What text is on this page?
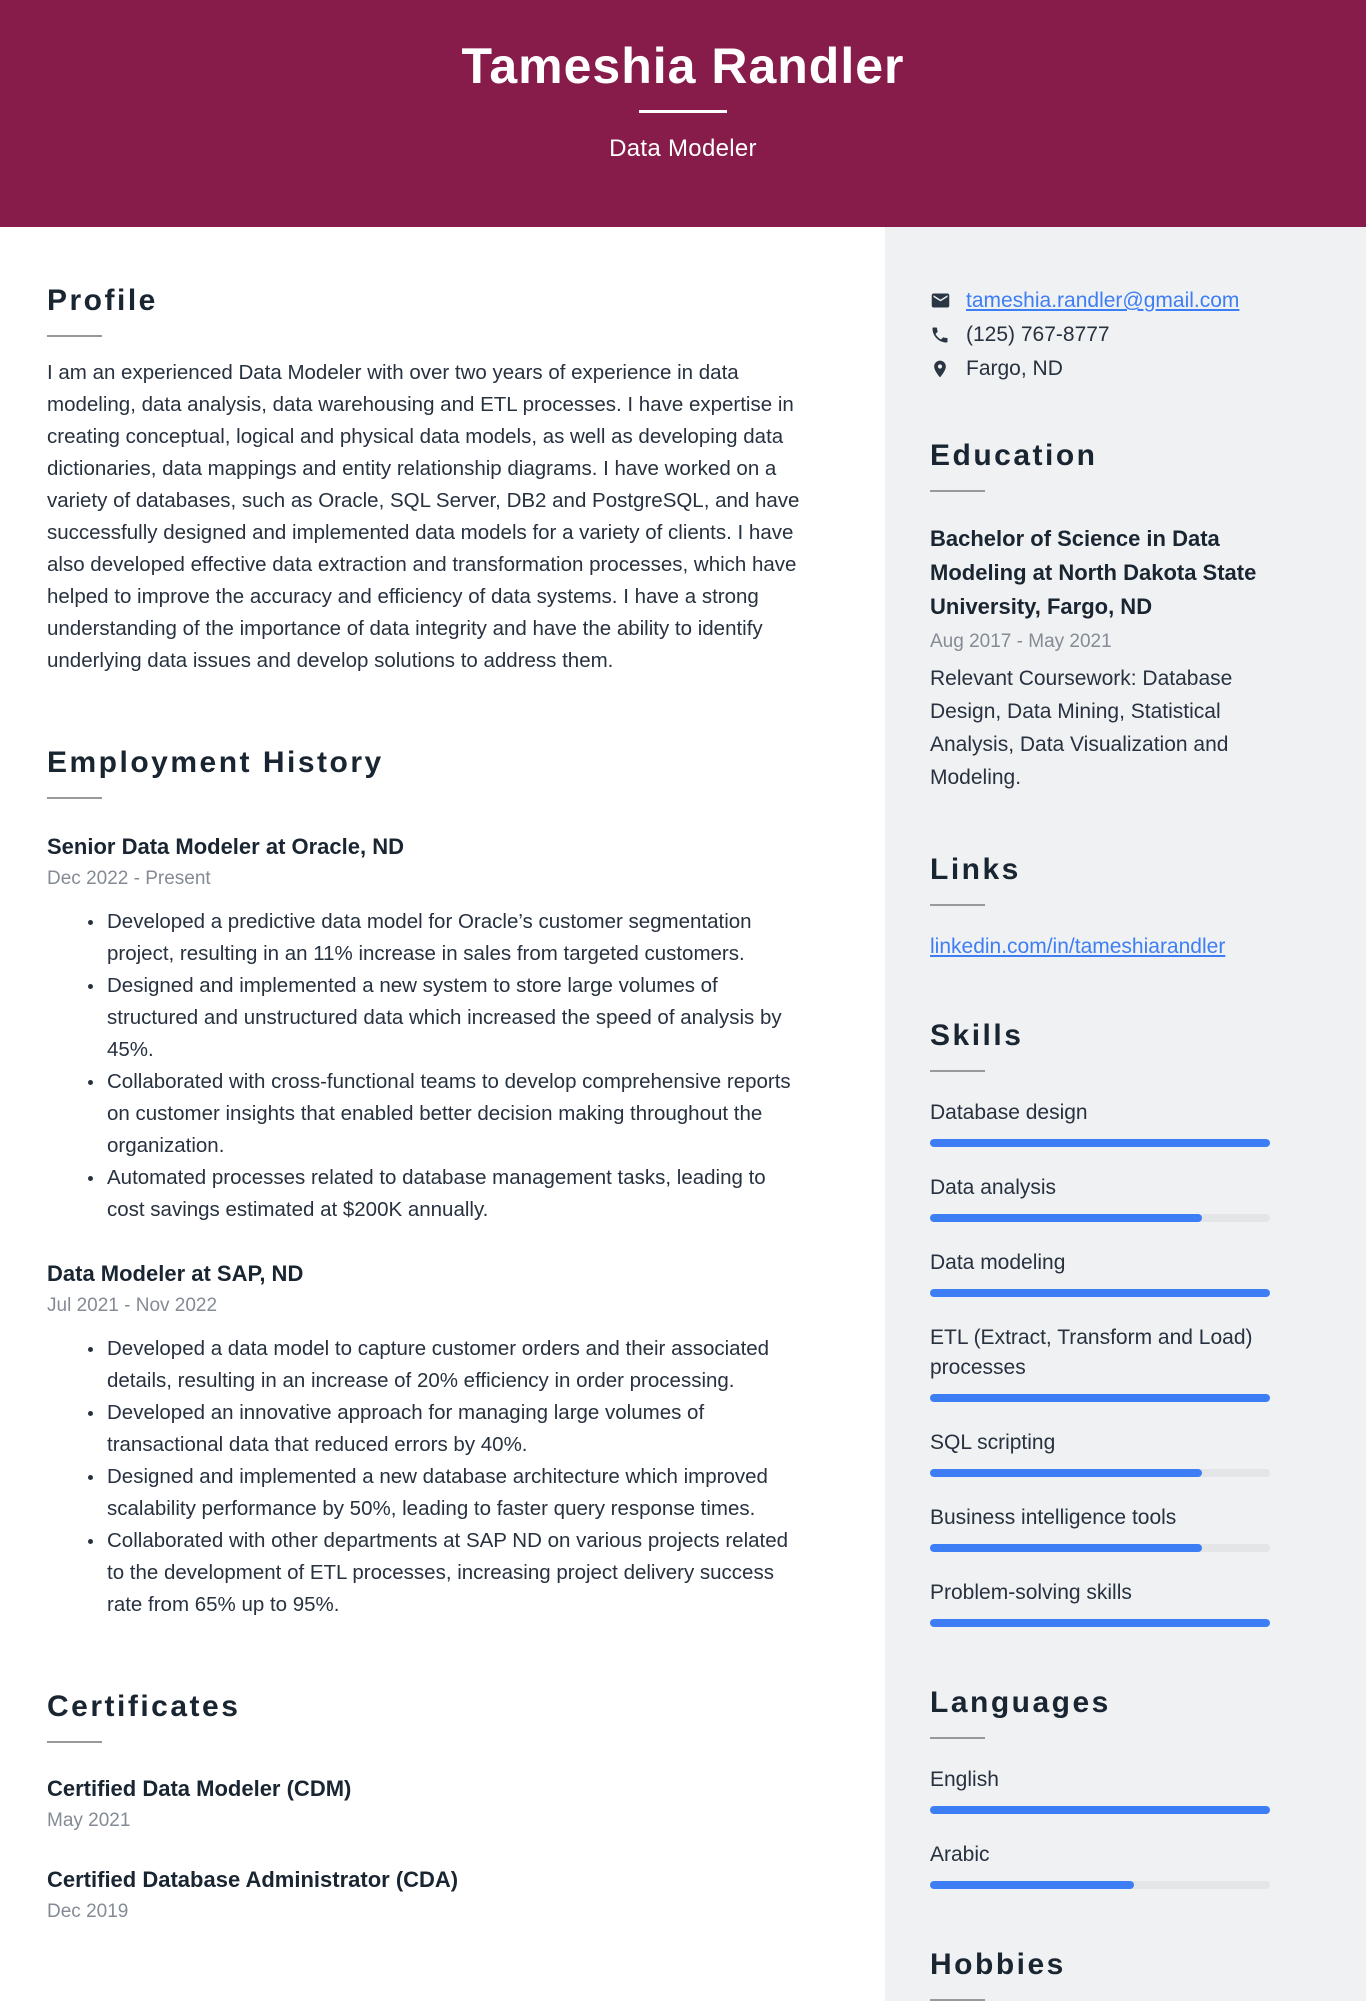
Tameshia Randler
Data Modeler
Profile

I am an experienced Data Modeler with over two years of experience in data modeling, data analysis, data warehousing and ETL processes. I have expertise in creating conceptual, logical and physical data models, as well as developing data dictionaries, data mappings and entity relationship diagrams. I have worked on a variety of databases, such as Oracle, SQL Server, DB2 and PostgreSQL, and have successfully designed and implemented data models for a variety of clients. I have also developed effective data extraction and transformation processes, which have helped to improve the accuracy and efficiency of data systems. I have a strong understanding of the importance of data integrity and have the ability to identify underlying data issues and develop solutions to address them.

Employment History
Senior Data Modeler at Oracle, ND
Dec 2022 - Present
• Developed a predictive data model for Oracle’s customer segmentation project, resulting in an 11% increase in sales from targeted customers.
• Designed and implemented a new system to store large volumes of structured and unstructured data which increased the speed of analysis by 45%.
• Collaborated with cross-functional teams to develop comprehensive reports on customer insights that enabled better decision making throughout the organization.
• Automated processes related to database management tasks, leading to cost savings estimated at $200K annually.
Data Modeler at SAP, ND
Jul 2021 - Nov 2022
• Developed a data model to capture customer orders and their associated details, resulting in an increase of 20% efficiency in order processing.
• Developed an innovative approach for managing large volumes of transactional data that reduced errors by 40%.
• Designed and implemented a new database architecture which improved scalability performance by 50%, leading to faster query response times.
• Collaborated with other departments at SAP ND on various projects related to the development of ETL processes, increasing project delivery success rate from 65% up to 95%.
Certificates
Certified Data Modeler (CDM)
May 2021
Certified Database Administrator (CDA)
Dec 2019
tameshia.randler@gmail.com
(125) 767-8777
Fargo, ND
Education
Bachelor of Science in Data Modeling at North Dakota State University, Fargo, ND
Aug 2017 - May 2021
Relevant Coursework: Database Design, Data Mining, Statistical Analysis, Data Visualization and Modeling.
Links
linkedin.com/in/tameshiarandler
Skills
Database design
Data analysis
Data modeling
ETL (Extract, Transform and Load) processes
SQL scripting
Business intelligence tools
Problem-solving skills
Languages
English
Arabic
Hobbies
